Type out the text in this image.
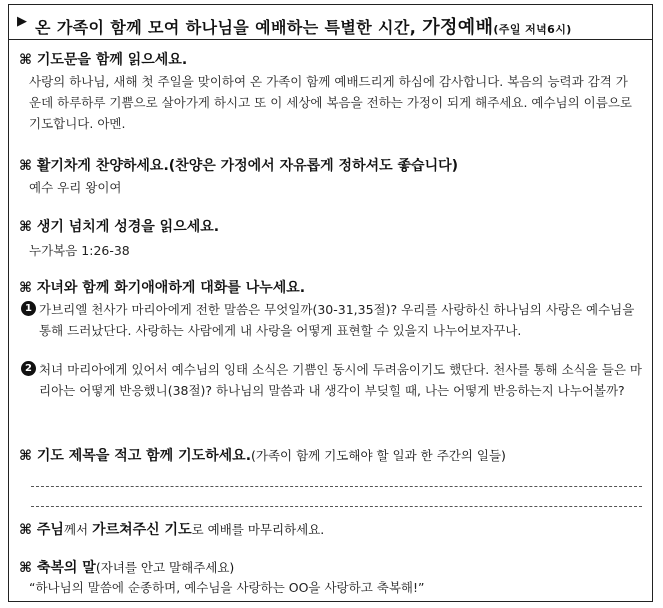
▶ 온 가족이 함께 모여 하나님을 예배하는 특별한 시간, 가정예배(주일 저녁6시)
⌘ 기도문을 함께 읽으세요.
사랑의 하나님, 새해 첫 주일을 맞이하여 온 가족이 함께 예배드리게 하심에 감사합니다. 복음의 능력과 감격 가운데 하루하루 기쁨으로 살아가게 하시고 또 이 세상에 복음을 전하는 가정이 되게 해주세요. 예수님의 이름으로 기도합니다. 아멘.
⌘ 활기차게 찬양하세요.(찬양은 가정에서 자유롭게 정하셔도 좋습니다)
예수 우리 왕이여
⌘ 생기 넘치게 성경을 읽으세요.
누가복음 1:26-38
⌘ 자녀와 함께 화기애애하게 대화를 나누세요.
1 가브리엘 천사가 마리아에게 전한 말씀은 무엇일까(30-31,35절)? 우리를 사랑하신 하나님의 사랑은 예수님을 통해 드러났단다. 사랑하는 사람에게 내 사랑을 어떻게 표현할 수 있을지 나누어보자꾸나.
2 처녀 마리아에게 있어서 예수님의 잉태 소식은 기쁨인 동시에 두려움이기도 했단다. 천사를 통해 소식을 들은 마리아는 어떻게 반응했니(38절)? 하나님의 말씀과 내 생각이 부딪힐 때, 나는 어떻게 반응하는지 나누어볼까?
⌘ 기도 제목을 적고 함께 기도하세요.(가족이 함께 기도해야 할 일과 한 주간의 일들)
⌘ 주님께서 가르쳐주신 기도로 예배를 마무리하세요.
⌘ 축복의 말(자녀를 안고 말해주세요)
“하나님의 말씀에 순종하며, 예수님을 사랑하는 OO을 사랑하고 축복해!”
